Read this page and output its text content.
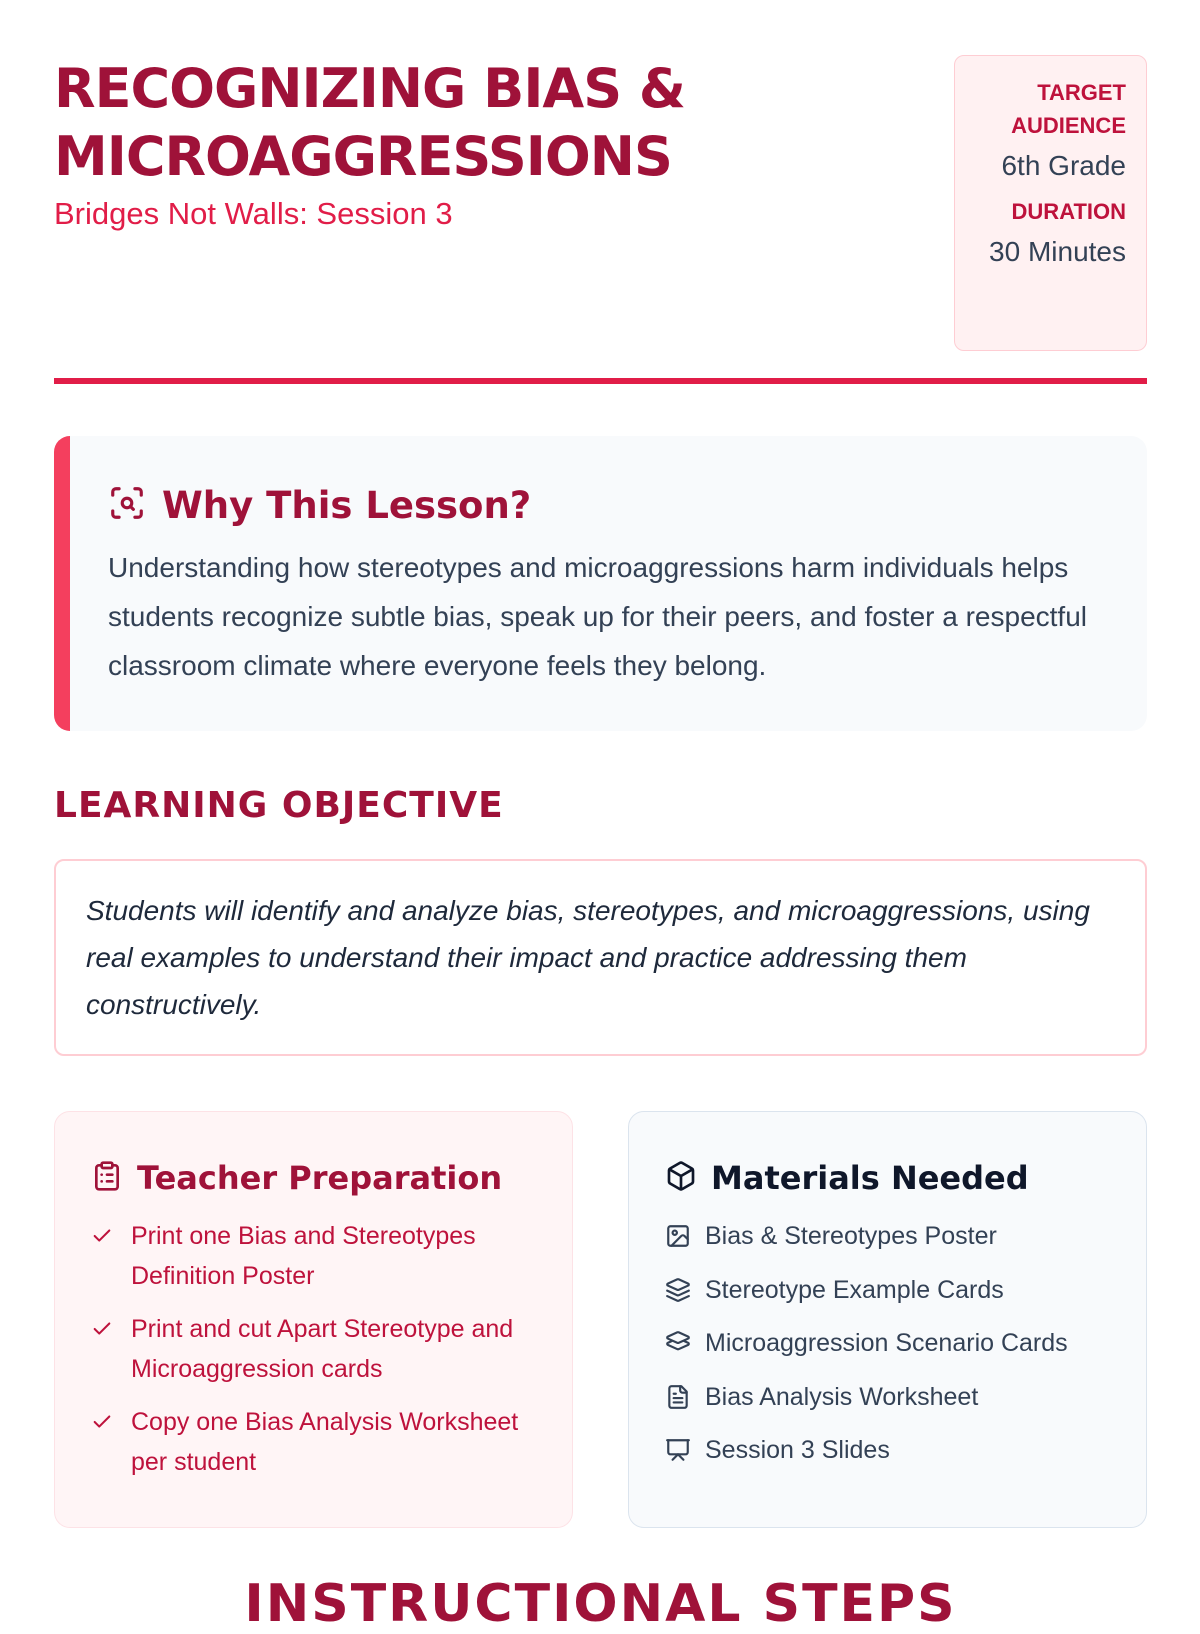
RECOGNIZING BIAS & MICROAGGRESSIONS
Bridges Not Walls: Session 3
TARGET AUDIENCE
6th Grade
DURATION
30 Minutes
Why This Lesson?

Understanding how stereotypes and microaggressions harm individuals helps students recognize subtle bias, speak up for their peers, and foster a respectful classroom climate where everyone feels they belong.

LEARNING OBJECTIVE

Students will identify and analyze bias, stereotypes, and microaggressions, using real examples to understand their impact and practice addressing them constructively.

Teacher Preparation
Print one Bias and Stereotypes Definition Poster
Print and cut Apart Stereotype and Microaggression cards
Copy one Bias Analysis Worksheet per student
Materials Needed
Bias & Stereotypes Poster
Stereotype Example Cards
Microaggression Scenario Cards
Bias Analysis Worksheet
Session 3 Slides
INSTRUCTIONAL STEPS
